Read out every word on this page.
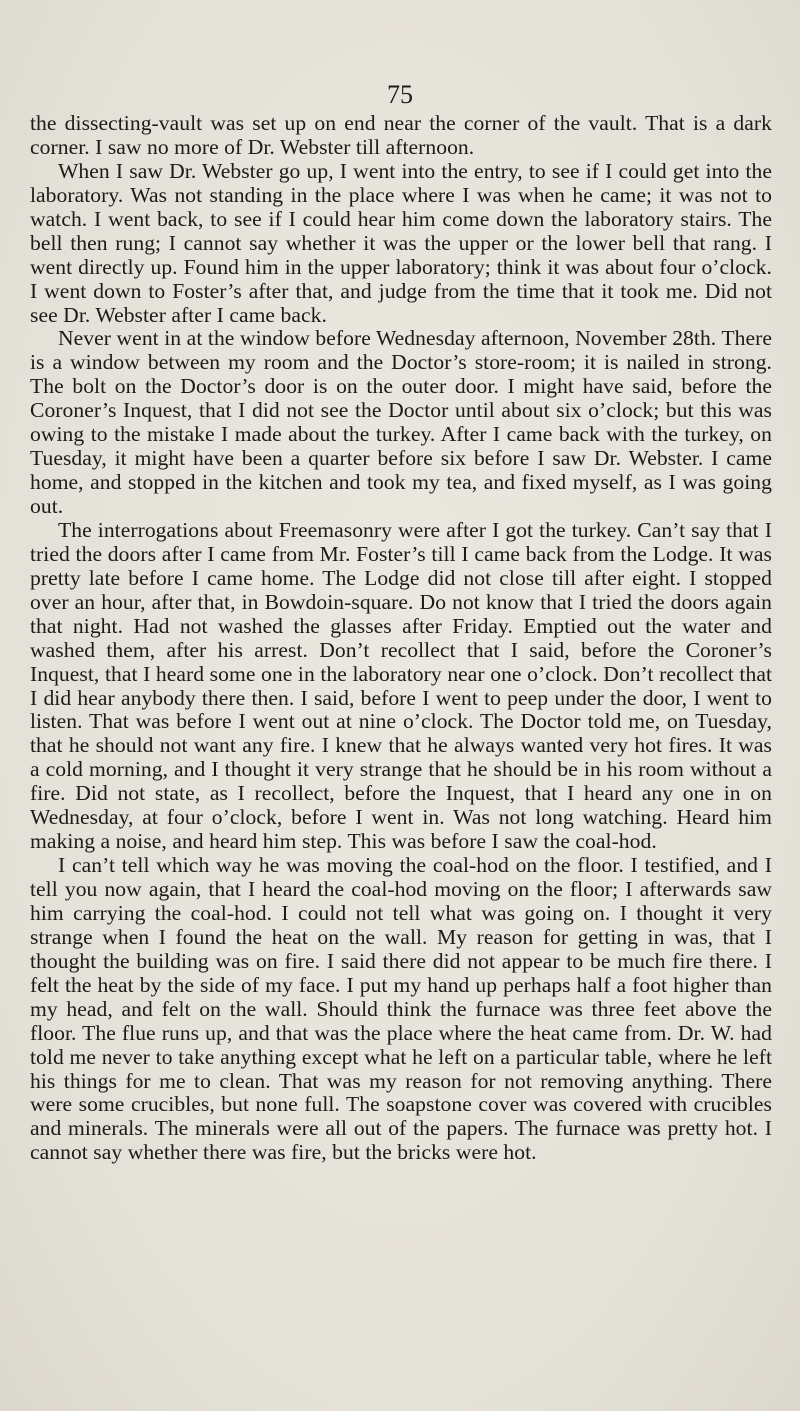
75

the dissecting-vault was set up on end near the corner of the vault. That is a dark corner. I saw no more of Dr. Webster till afternoon.

When I saw Dr. Webster go up, I went into the entry, to see if I could get into the laboratory. Was not standing in the place where I was when he came; it was not to watch. I went back, to see if I could hear him come down the laboratory stairs. The bell then rung; I cannot say whether it was the upper or the lower bell that rang. I went directly up. Found him in the upper laboratory; think it was about four o’clock. I went down to Foster’s after that, and judge from the time that it took me. Did not see Dr. Webster after I came back.

Never went in at the window before Wednesday afternoon, November 28th. There is a window between my room and the Doctor’s store-room; it is nailed in strong. The bolt on the Doctor’s door is on the outer door. I might have said, before the Coroner’s Inquest, that I did not see the Doctor until about six o’clock; but this was owing to the mistake I made about the turkey. After I came back with the turkey, on Tuesday, it might have been a quarter before six before I saw Dr. Webster. I came home, and stopped in the kitchen and took my tea, and fixed myself, as I was going out.

The interrogations about Freemasonry were after I got the turkey. Can’t say that I tried the doors after I came from Mr. Foster’s till I came back from the Lodge. It was pretty late before I came home. The Lodge did not close till after eight. I stopped over an hour, after that, in Bowdoin-square. Do not know that I tried the doors again that night. Had not washed the glasses after Friday. Emptied out the water and washed them, after his arrest. Don’t recollect that I said, before the Coroner’s Inquest, that I heard some one in the laboratory near one o’clock. Don’t recollect that I did hear anybody there then. I said, before I went to peep under the door, I went to listen. That was before I went out at nine o’clock. The Doctor told me, on Tuesday, that he should not want any fire. I knew that he always wanted very hot fires. It was a cold morning, and I thought it very strange that he should be in his room without a fire. Did not state, as I recollect, before the Inquest, that I heard any one in on Wednesday, at four o’clock, before I went in. Was not long watching. Heard him making a noise, and heard him step. This was before I saw the coal-hod.

I can’t tell which way he was moving the coal-hod on the floor. I testified, and I tell you now again, that I heard the coal-hod moving on the floor; I afterwards saw him carrying the coal-hod. I could not tell what was going on. I thought it very strange when I found the heat on the wall. My reason for getting in was, that I thought the building was on fire. I said there did not appear to be much fire there. I felt the heat by the side of my face. I put my hand up perhaps half a foot higher than my head, and felt on the wall. Should think the furnace was three feet above the floor. The flue runs up, and that was the place where the heat came from. Dr. W. had told me never to take anything except what he left on a particular table, where he left his things for me to clean. That was my reason for not removing anything. There were some crucibles, but none full. The soapstone cover was covered with crucibles and minerals. The minerals were all out of the papers. The furnace was pretty hot. I cannot say whether there was fire, but the bricks were hot.
